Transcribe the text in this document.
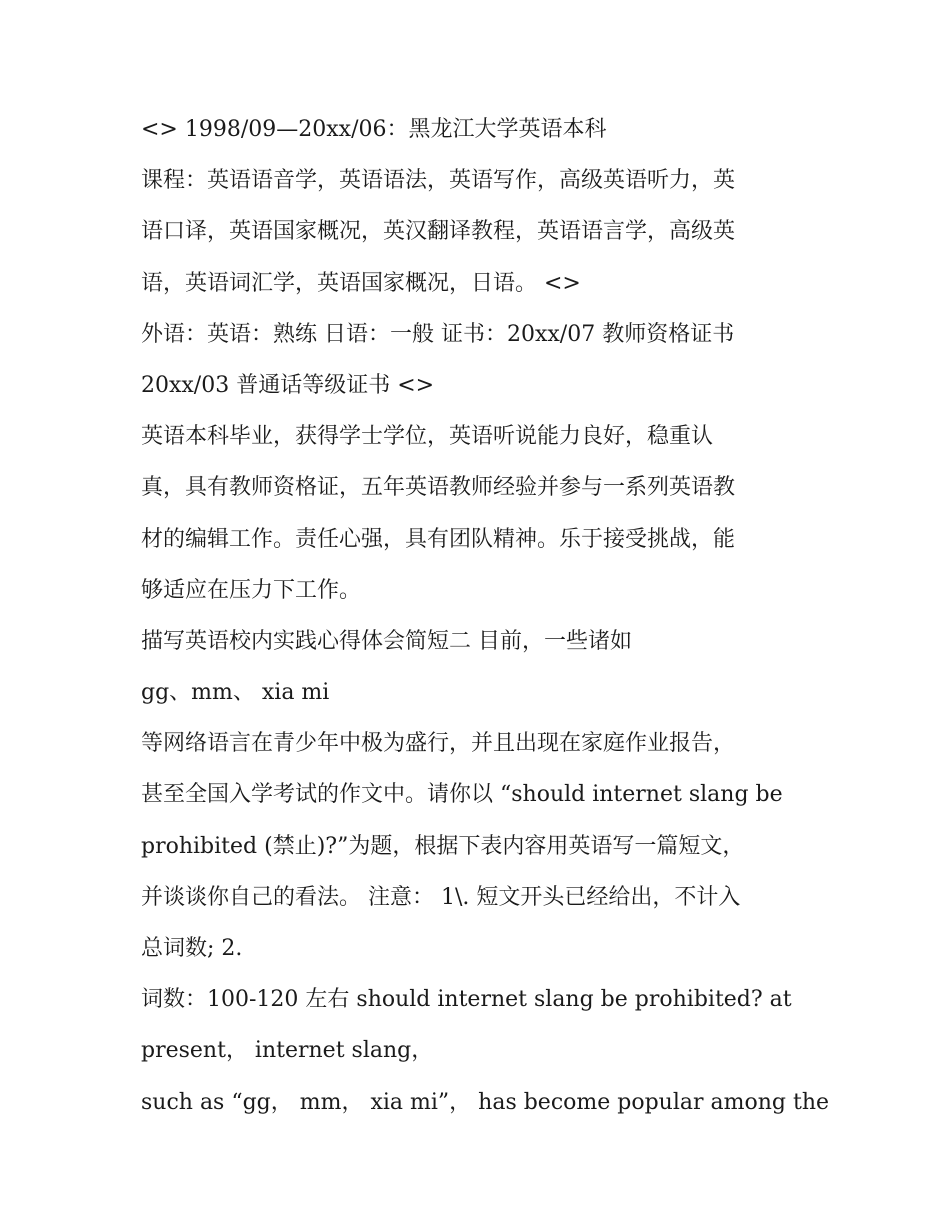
<> 1998/09—20xx/06：黑龙江大学英语本科
课程：英语语音学，英语语法，英语写作，高级英语听力，英
语口译，英语国家概况，英汉翻译教程，英语语言学，高级英
语，英语词汇学，英语国家概况，日语。 <>
外语：英语：熟练 日语：一般 证书：20xx/07 教师资格证书
20xx/03 普通话等级证书 <>
英语本科毕业，获得学士学位，英语听说能力良好，稳重认
真，具有教师资格证，五年英语教师经验并参与一系列英语教
材的编辑工作。责任心强，具有团队精神。乐于接受挑战，能
够适应在压力下工作。
描写英语校内实践心得体会简短二 目前，一些诸如
gg、mm、 xia mi
等网络语言在青少年中极为盛行，并且出现在家庭作业报告，
甚至全国入学考试的作文中。请你以 “should internet slang be
prohibited (禁止)?”为题，根据下表内容用英语写一篇短文，
并谈谈你自己的看法。 注意： 1\. 短文开头已经给出，不计入
总词数; 2.
词数：100-120 左右 should internet slang be prohibited? at
present， internet slang，
such as “gg， mm， xia mi”， has become popular among the
